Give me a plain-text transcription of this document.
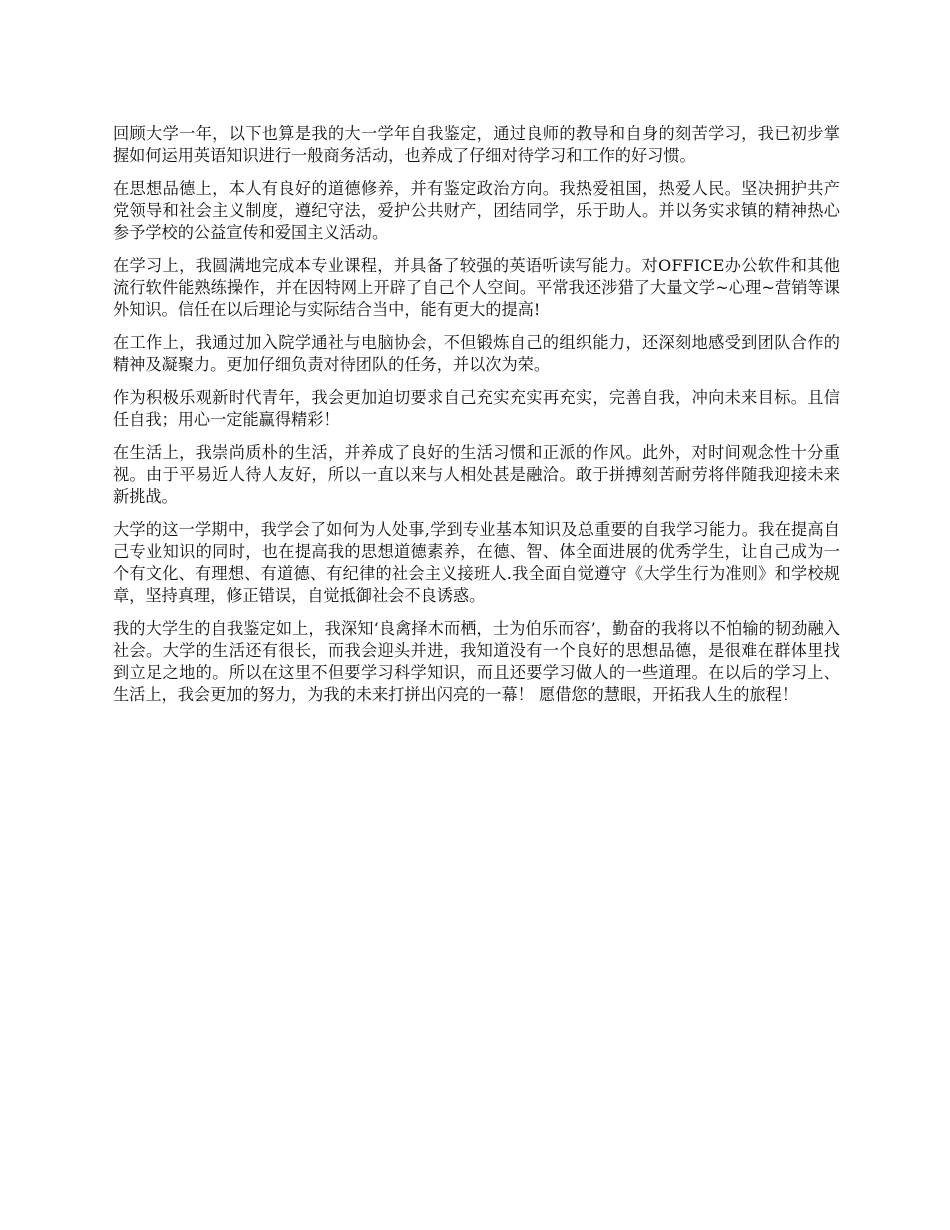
回顾大学一年，以下也算是我的大一学年自我鉴定，通过良师的教导和自身的刻苦学习，我已初步掌握如何运用英语知识进行一般商务活动，也养成了仔细对待学习和工作的好习惯。

在思想品德上，本人有良好的道德修养，并有鉴定政治方向。我热爱祖国，热爱人民。坚决拥护共产党领导和社会主义制度，遵纪守法，爱护公共财产，团结同学，乐于助人。并以务实求镇的精神热心参予学校的公益宣传和爱国主义活动。

在学习上，我圆满地完成本专业课程，并具备了较强的英语听读写能力。对OFFICE办公软件和其他流行软件能熟练操作，并在因特网上开辟了自己个人空间。平常我还涉猎了大量文学~心理~营销等课外知识。信任在以后理论与实际结合当中，能有更大的提高!

在工作上，我通过加入院学通社与电脑协会，不但锻炼自己的组织能力，还深刻地感受到团队合作的精神及凝聚力。更加仔细负责对待团队的任务，并以次为荣。

作为积极乐观新时代青年，我会更加迫切要求自己充实充实再充实，完善自我，冲向未来目标。且信任自我；用心一定能赢得精彩！

在生活上，我崇尚质朴的生活，并养成了良好的生活习惯和正派的作风。此外，对时间观念性十分重视。由于平易近人待人友好，所以一直以来与人相处甚是融洽。敢于拼搏刻苦耐劳将伴随我迎接未来新挑战。

大学的这一学期中，我学会了如何为人处事,学到专业基本知识及总重要的自我学习能力。我在提高自己专业知识的同时，也在提高我的思想道德素养，在德、智、体全面进展的优秀学生，让自己成为一个有文化、有理想、有道德、有纪律的社会主义接班人.我全面自觉遵守《大学生行为准则》和学校规章，坚持真理，修正错误，自觉抵御社会不良诱惑。

我的大学生的自我鉴定如上，我深知‘良禽择木而栖，士为伯乐而容’，勤奋的我将以不怕输的韧劲融入社会。大学的生活还有很长，而我会迎头并进，我知道没有一个良好的思想品德，是很难在群体里找到立足之地的。所以在这里不但要学习科学知识，而且还要学习做人的一些道理。在以后的学习上、生活上，我会更加的努力，为我的未来打拼出闪亮的一幕！ 愿借您的慧眼，开拓我人生的旅程！
